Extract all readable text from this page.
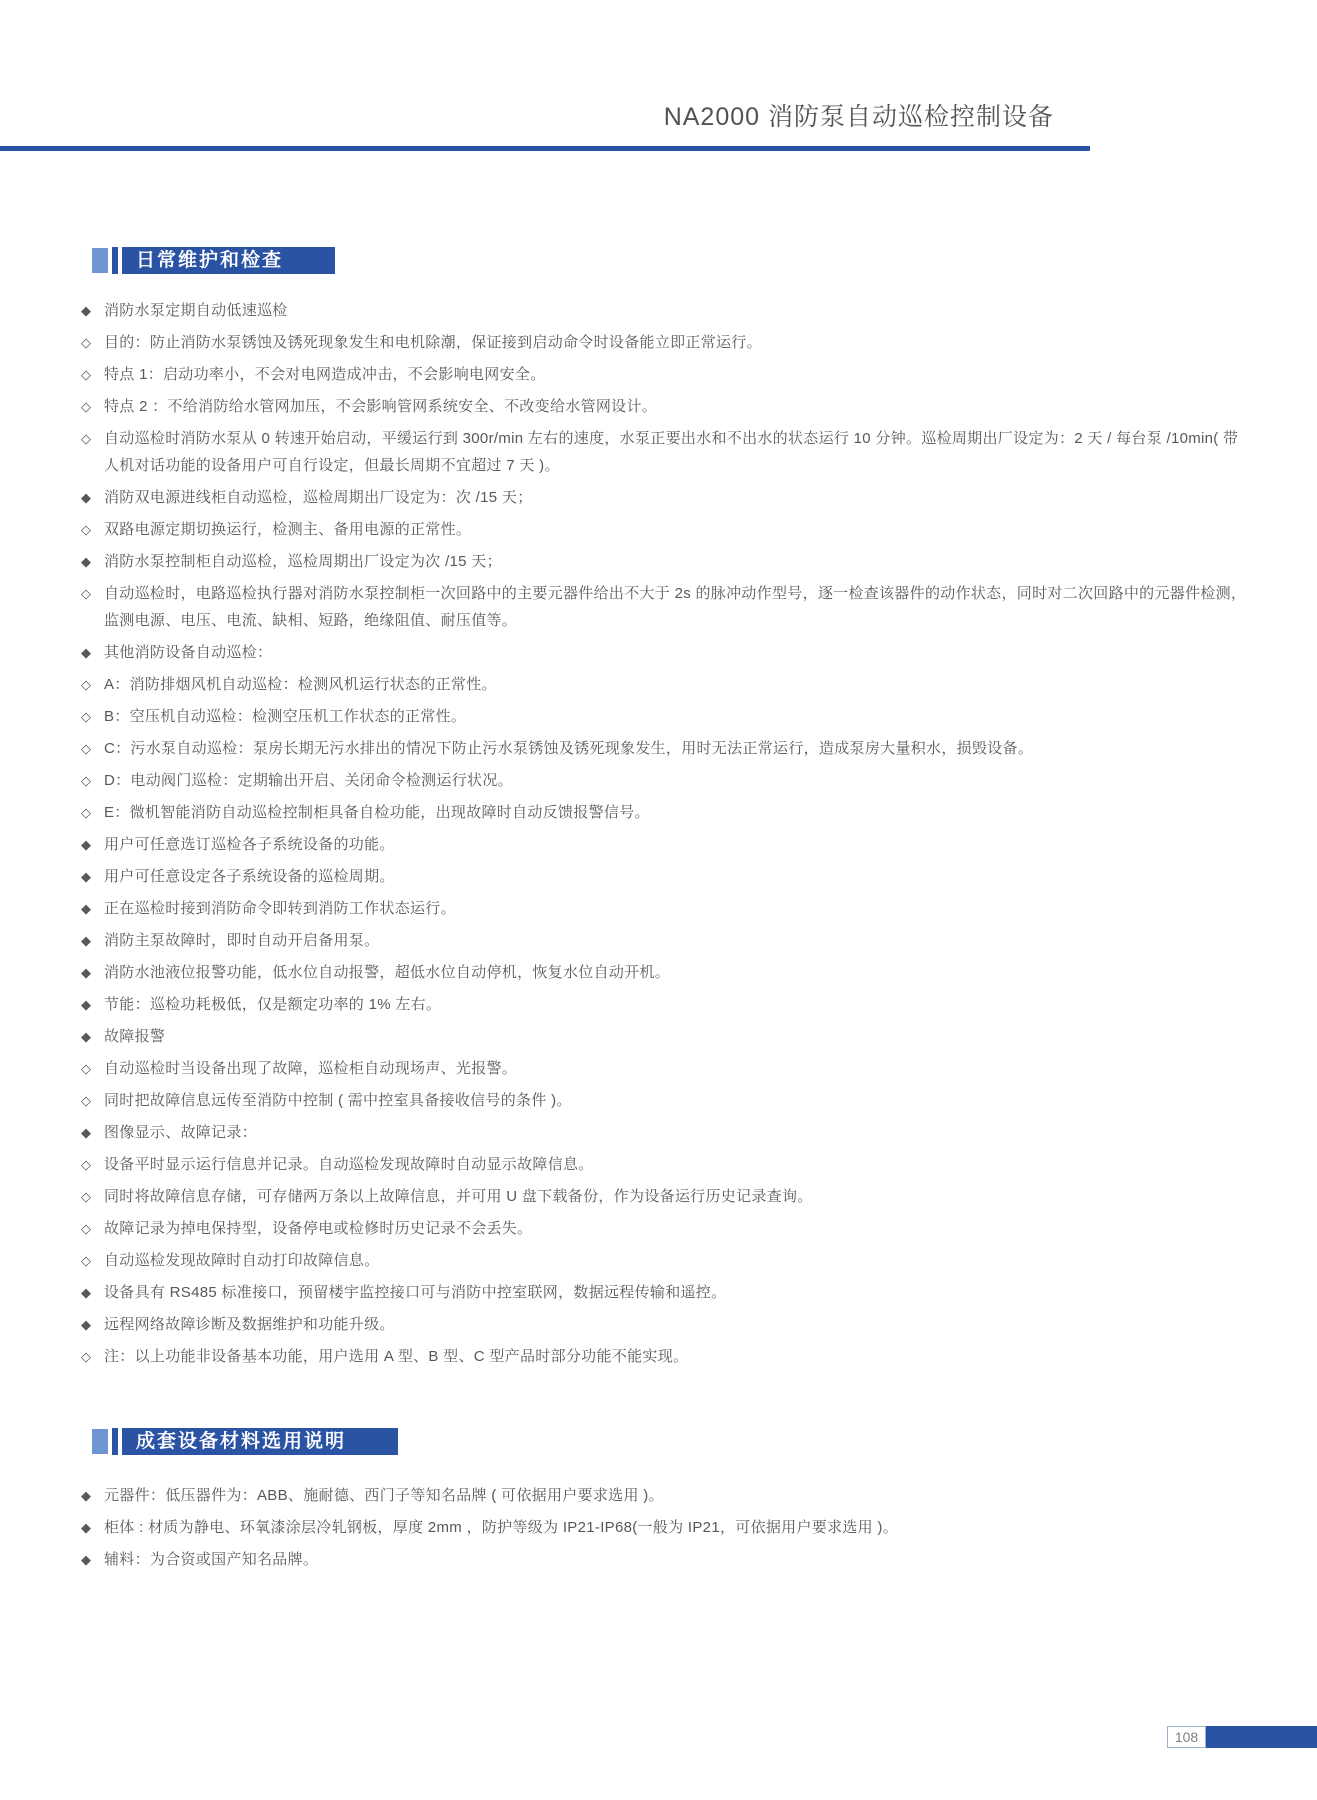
NA2000 消防泵自动巡检控制设备
日常维护和检查
◆ 消防水泵定期自动低速巡检
◇ 目的：防止消防水泵锈蚀及锈死现象发生和电机除潮，保证接到启动命令时设备能立即正常运行。
◇ 特点 1：启动功率小，不会对电网造成冲击，不会影响电网安全。
◇ 特点 2 ：不给消防给水管网加压，不会影响管网系统安全、不改变给水管网设计。
◇ 自动巡检时消防水泵从 0 转速开始启动，平缓运行到 300r/min 左右的速度，水泵正要出水和不出水的状态运行 10 分钟。巡检周期出厂设定为：2 天 / 每台泵 /10min( 带人机对话功能的设备用户可自行设定，但最长周期不宜超过 7 天 )。
◆ 消防双电源进线柜自动巡检，巡检周期出厂设定为：次 /15 天；
◇ 双路电源定期切换运行，检测主、备用电源的正常性。
◆ 消防水泵控制柜自动巡检，巡检周期出厂设定为次 /15 天；
◇ 自动巡检时，电路巡检执行器对消防水泵控制柜一次回路中的主要元器件给出不大于 2s 的脉冲动作型号，逐一检查该器件的动作状态，同时对二次回路中的元器件检测，监测电源、电压、电流、缺相、短路，绝缘阻值、耐压值等。
◆ 其他消防设备自动巡检：
◇ A：消防排烟风机自动巡检：检测风机运行状态的正常性。
◇ B：空压机自动巡检：检测空压机工作状态的正常性。
◇ C：污水泵自动巡检：泵房长期无污水排出的情况下防止污水泵锈蚀及锈死现象发生，用时无法正常运行，造成泵房大量积水，损毁设备。
◇ D：电动阀门巡检：定期输出开启、关闭命令检测运行状况。
◇ E：微机智能消防自动巡检控制柜具备自检功能，出现故障时自动反馈报警信号。
◆ 用户可任意选订巡检各子系统设备的功能。
◆ 用户可任意设定各子系统设备的巡检周期。
◆ 正在巡检时接到消防命令即转到消防工作状态运行。
◆ 消防主泵故障时，即时自动开启备用泵。
◆ 消防水池液位报警功能，低水位自动报警，超低水位自动停机，恢复水位自动开机。
◆ 节能：巡检功耗极低，仅是额定功率的 1% 左右。
◆ 故障报警
◇ 自动巡检时当设备出现了故障，巡检柜自动现场声、光报警。
◇ 同时把故障信息远传至消防中控制 ( 需中控室具备接收信号的条件 )。
◆ 图像显示、故障记录：
◇ 设备平时显示运行信息并记录。自动巡检发现故障时自动显示故障信息。
◇ 同时将故障信息存储，可存储两万条以上故障信息，并可用 U 盘下载备份，作为设备运行历史记录查询。
◇ 故障记录为掉电保持型，设备停电或检修时历史记录不会丢失。
◇ 自动巡检发现故障时自动打印故障信息。
◆ 设备具有 RS485 标准接口，预留楼宇监控接口可与消防中控室联网，数据远程传输和遥控。
◆ 远程网络故障诊断及数据维护和功能升级。
◇ 注：以上功能非设备基本功能，用户选用 A 型、B 型、C 型产品时部分功能不能实现。
成套设备材料选用说明
◆ 元器件：低压器件为：ABB、施耐德、西门子等知名品牌 ( 可依据用户要求选用 )。
◆ 柜体 : 材质为静电、环氧漆涂层冷轧钢板，厚度 2mm ，防护等级为 IP21-IP68(一般为 IP21，可依据用户要求选用 )。
◆ 辅料：为合资或国产知名品牌。
108
